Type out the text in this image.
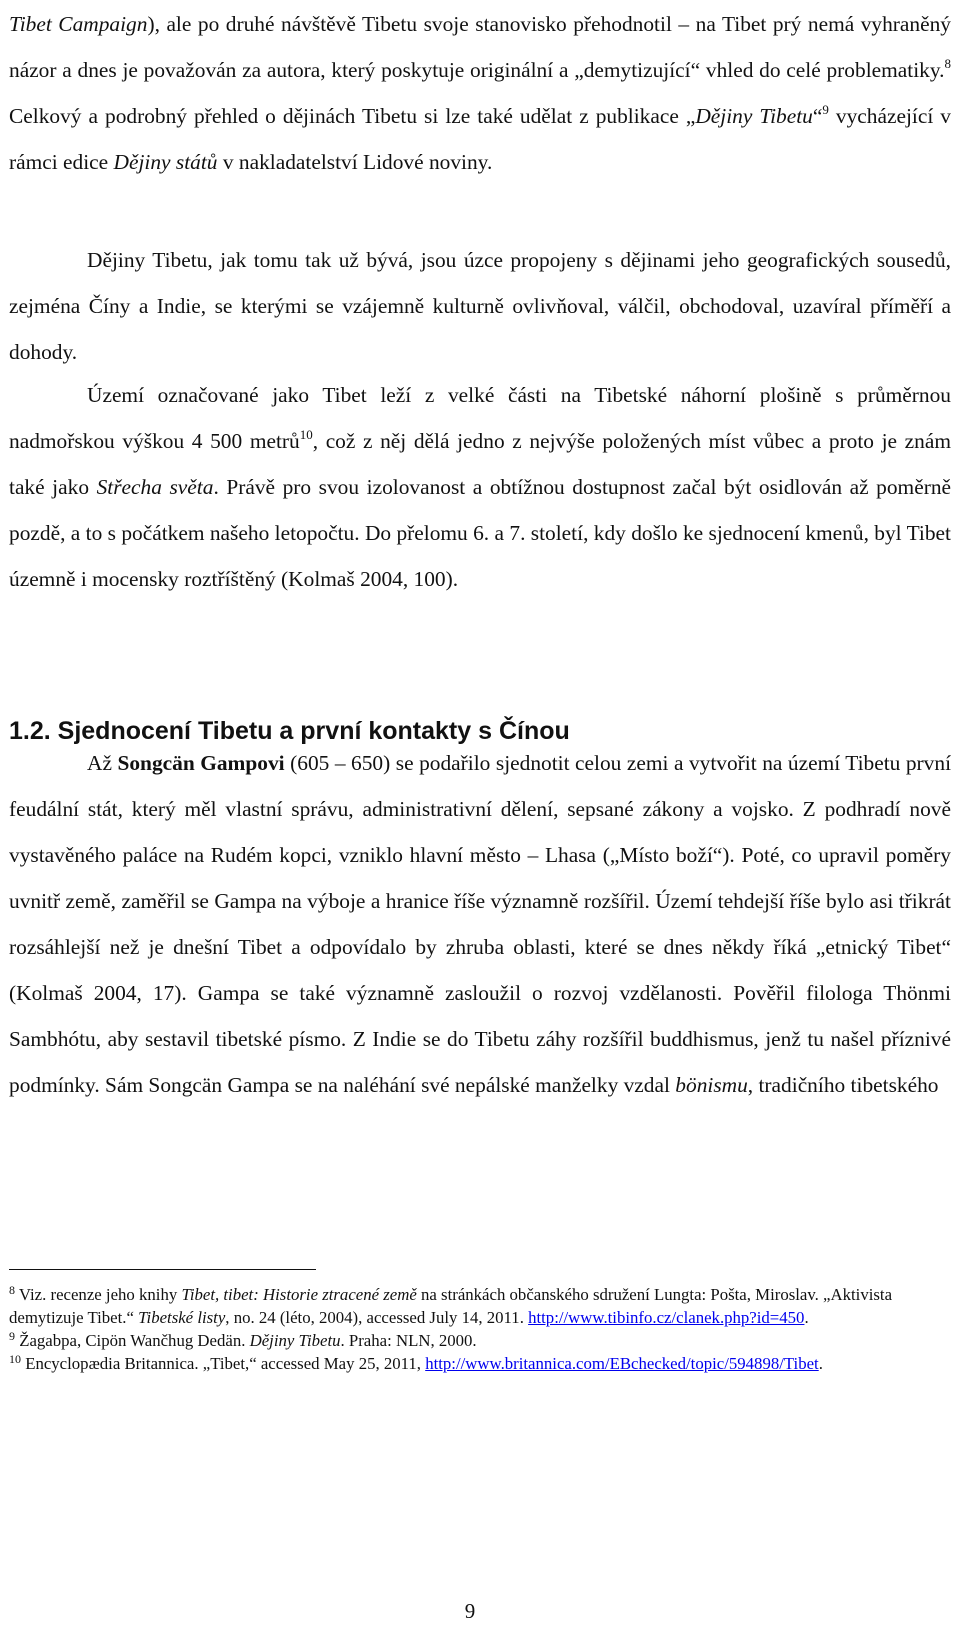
Tibet Campaign), ale po druhé návštěvě Tibetu svoje stanovisko přehodnotil – na Tibet prý nemá vyhraněný názor a dnes je považován za autora, který poskytuje originální a „demytizující“ vhled do celé problematiky.$^8$ Celkový a podrobný přehled o dějinách Tibetu si lze také udělat z publikace „Dějiny Tibetu“$^9$ vycházející v rámci edice Dějiny států v nakladatelství Lidové noviny.

Dějiny Tibetu, jak tomu tak už bývá, jsou úzce propojeny s dějinami jeho geografických sousedů, zejména Číny a Indie, se kterými se vzájemně kulturně ovlivňoval, válčil, obchodoval, uzavíral příměří a dohody.

Území označované jako Tibet leží z velké části na Tibetské náhorní plošině s průměrnou nadmořskou výškou 4 500 metrů$^{10}$, což z něj dělá jedno z nejvýše položených míst vůbec a proto je znám také jako Střecha světa. Právě pro svou izolovanost a obtížnou dostupnost začal být osidlován až poměrně pozdě, a to s počátkem našeho letopočtu. Do přelomu 6. a 7. století, kdy došlo ke sjednocení kmenů, byl Tibet územně i mocensky roztříštěný (Kolmaš 2004, 100).

1.2. Sjednocení Tibetu a první kontakty s Čínou

Až Songcän Gampovi (605 – 650) se podařilo sjednotit celou zemi a vytvořit na území Tibetu první feudální stát, který měl vlastní správu, administrativní dělení, sepsané zákony a vojsko. Z podhradí nově vystavěného paláce na Rudém kopci, vzniklo hlavní město – Lhasa („Místo boží“). Poté, co upravil poměry uvnitř země, zaměřil se Gampa na výboje a hranice říše významně rozšířil. Území tehdejší říše bylo asi třikrát rozsáhlejší než je dnešní Tibet a odpovídalo by zhruba oblasti, které se dnes někdy říká „etnický Tibet“ (Kolmaš 2004, 17). Gampa se také významně zasloužil o rozvoj vzdělanosti. Pověřil filologa Thönmi Sambhótu, aby sestavil tibetské písmo. Z Indie se do Tibetu záhy rozšířil buddhismus, jenž tu našel příznivé podmínky. Sám Songcän Gampa se na naléhání své nepálské manželky vzdal bönismu, tradičního tibetského

$^8$ Viz. recenze jeho knihy Tibet, tibet: Historie ztracené země na stránkách občanského sdružení Lungta: Pošta, Miroslav. „Aktivista demytizuje Tibet.“ Tibetské listy, no. 24 (léto, 2004), accessed July 14, 2011. http://www.tibinfo.cz/clanek.php?id=450.

$^9$ Žagabpa, Cipön Wančhug Dedän. Dějiny Tibetu. Praha: NLN, 2000.

$^{10}$ Encyclopædia Britannica. „Tibet,“ accessed May 25, 2011, http://www.britannica.com/EBchecked/topic/594898/Tibet.

9
